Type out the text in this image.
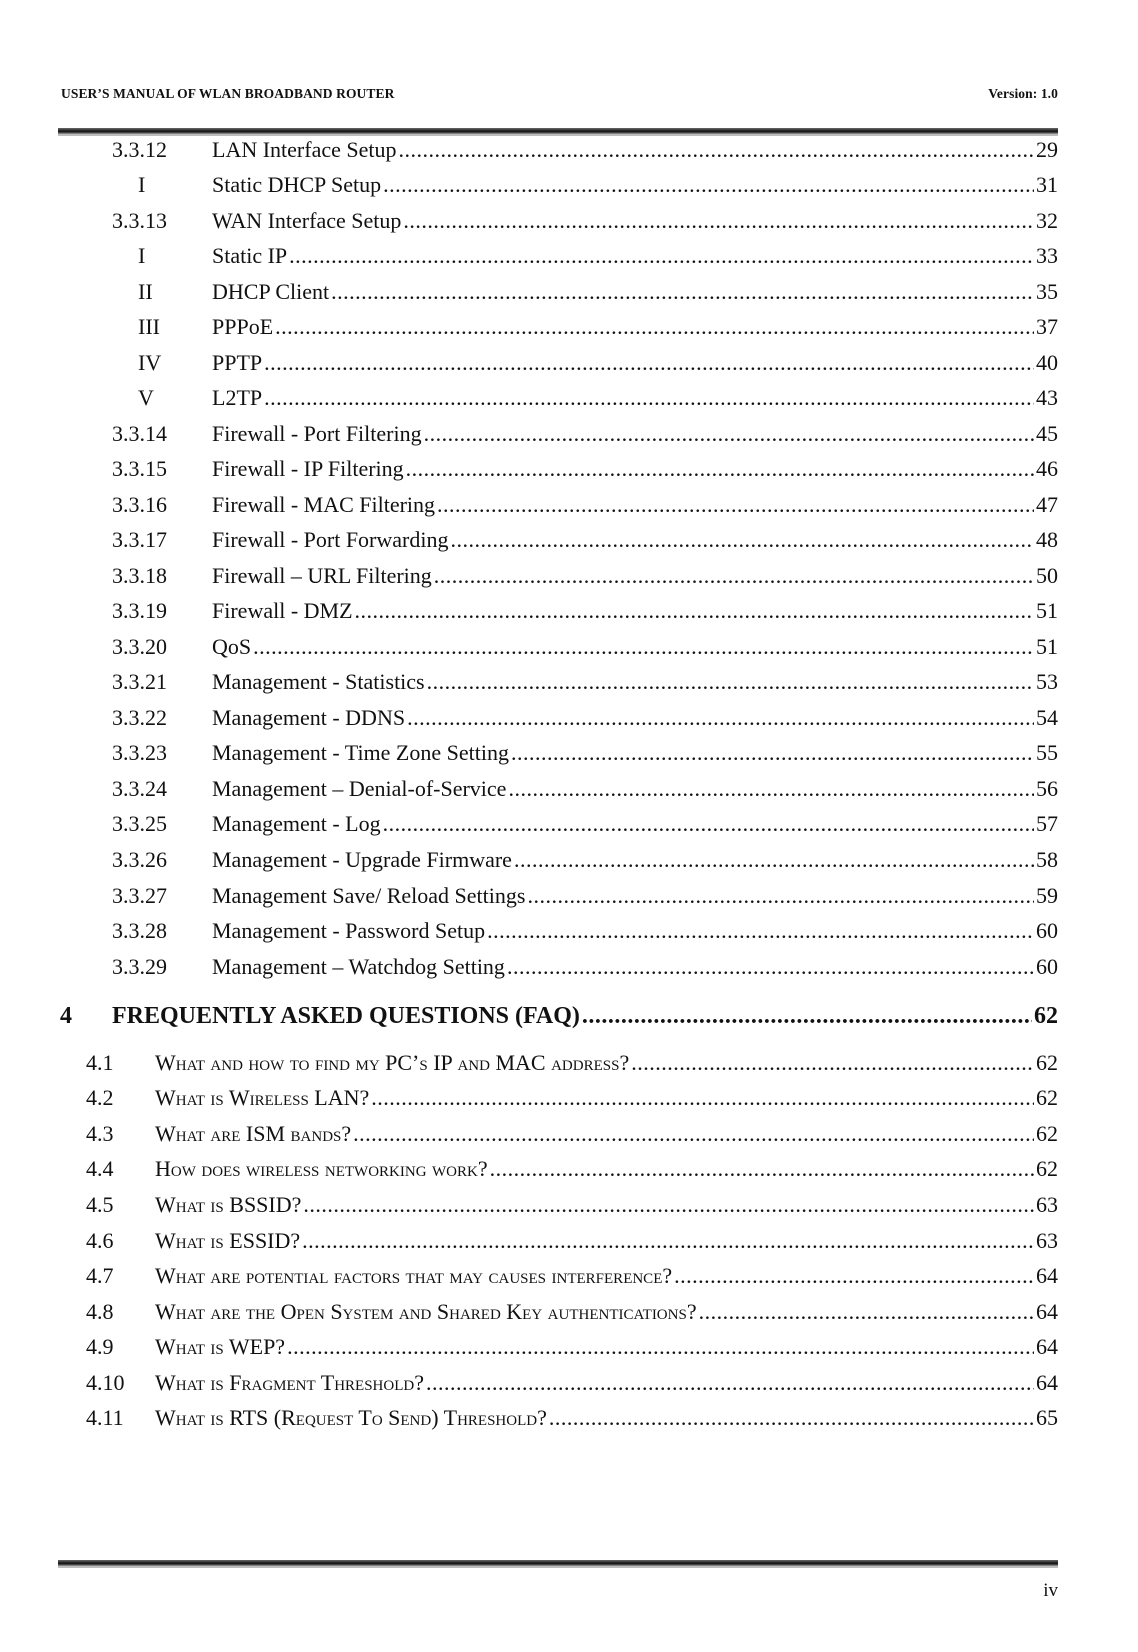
USER’S MANUAL OF WLAN BROADBAND ROUTER	Version: 1.0
3.3.12 LAN Interface Setup .....	29
I	Static DHCP Setup .....	31
3.3.13 WAN Interface Setup .....	32
I	Static IP .....	33
II	DHCP Client .....	35
III PPPoE .....	37
IV PPTP .....	40
V	L2TP .....	43
3.3.14 Firewall - Port Filtering .....	45
3.3.15 Firewall - IP Filtering .....	46
3.3.16 Firewall - MAC Filtering .....	47
3.3.17 Firewall - Port Forwarding .....	48
3.3.18 Firewall – URL Filtering .....	50
3.3.19 Firewall - DMZ .....	51
3.3.20 QoS .....	51
3.3.21 Management - Statistics .....	53
3.3.22 Management - DDNS .....	54
3.3.23 Management - Time Zone Setting .....	55
3.3.24 Management – Denial-of-Service .....	56
3.3.25 Management - Log .....	57
3.3.26 Management - Upgrade Firmware .....	58
3.3.27 Management Save/ Reload Settings .....	59
3.3.28 Management - Password Setup .....	60
3.3.29 Management – Watchdog Setting .....	60
4 FREQUENTLY ASKED QUESTIONS (FAQ) .....	62
4.1 What and how to find my PC’s IP and MAC address? .....	62
4.2 What is Wireless LAN? .....	62
4.3 What are ISM bands? .....	62
4.4 How does wireless networking work? .....	62
4.5 What is BSSID? .....	63
4.6 What is ESSID? .....	63
4.7 What are potential factors that may causes interference? .....	64
4.8 What are the Open System and Shared Key authentications? .....	64
4.9 What is WEP? .....	64
4.10 What is Fragment Threshold? .....	64
4.11 What is RTS (Request To Send) Threshold? .....	65
iv
